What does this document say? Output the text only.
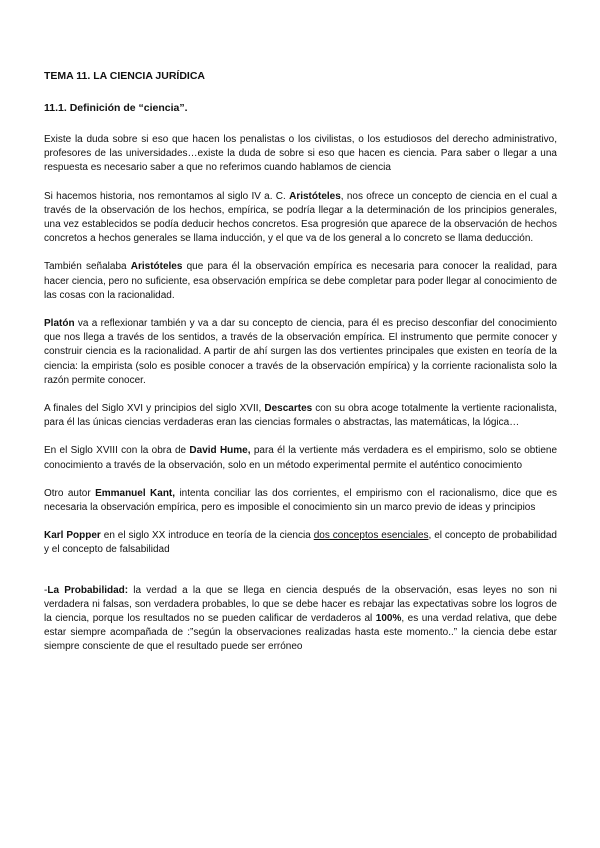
TEMA 11. LA CIENCIA JURÍDICA
11.1. Definición de “ciencia”.

Existe la duda sobre si eso que hacen los penalistas o los civilistas, o los estudiosos del derecho administrativo, profesores de las universidades…existe la duda de sobre si eso que hacen es ciencia. Para saber o llegar a una respuesta es necesario saber a que no referimos cuando hablamos de ciencia

Si hacemos historia, nos remontamos al siglo IV a. C. Aristóteles, nos ofrece un concepto de ciencia en el cual a través de la observación de los hechos, empírica, se podría llegar a la determinación de los principios generales, una vez establecidos se podía deducir hechos concretos. Esa progresión que aparece de la observación de hechos concretos a hechos generales se llama inducción, y el que va de los general a lo concreto se llama deducción.

También señalaba Aristóteles que para él la observación empírica es necesaria para conocer la realidad, para hacer ciencia, pero no suficiente, esa observación empírica se debe completar para poder llegar al conocimiento de las cosas con la racionalidad.

Platón va a reflexionar también y va a dar su concepto de ciencia, para él es preciso desconfiar del conocimiento que nos llega a través de los sentidos, a través de la observación empírica. El instrumento que permite conocer y construir ciencia es la racionalidad. A partir de ahí surgen las dos vertientes principales que existen en teoría de la ciencia: la empirista (solo es posible conocer a través de la observación empírica) y la corriente racionalista solo la razón permite conocer.

A finales del Siglo XVI y principios del siglo XVII, Descartes con su obra acoge totalmente la vertiente racionalista, para él las únicas ciencias verdaderas eran las ciencias formales o abstractas, las matemáticas, la lógica…

En el Siglo XVIII con la obra de David Hume, para él la vertiente más verdadera es el empirismo, solo se obtiene conocimiento a través de la observación, solo en un método experimental permite el auténtico conocimiento

Otro autor Emmanuel Kant, intenta conciliar las dos corrientes, el empirismo con el racionalismo, dice que es necesaria la observación empírica, pero es imposible el conocimiento sin un marco previo de ideas y principios

Karl Popper en el siglo XX introduce en teoría de la ciencia dos conceptos esenciales, el concepto de probabilidad y el concepto de falsabilidad

-La Probabilidad: la verdad a la que se llega en ciencia después de la observación, esas leyes no son ni verdadera ni falsas, son verdadera probables, lo que se debe hacer es rebajar las expectativas sobre los logros de la ciencia, porque los resultados no se pueden calificar de verdaderos al 100%, es una verdad relativa, que debe estar siempre acompañada de :”según la observaciones realizadas hasta este momento..” la ciencia debe estar siempre consciente de que el resultado puede ser erróneo
